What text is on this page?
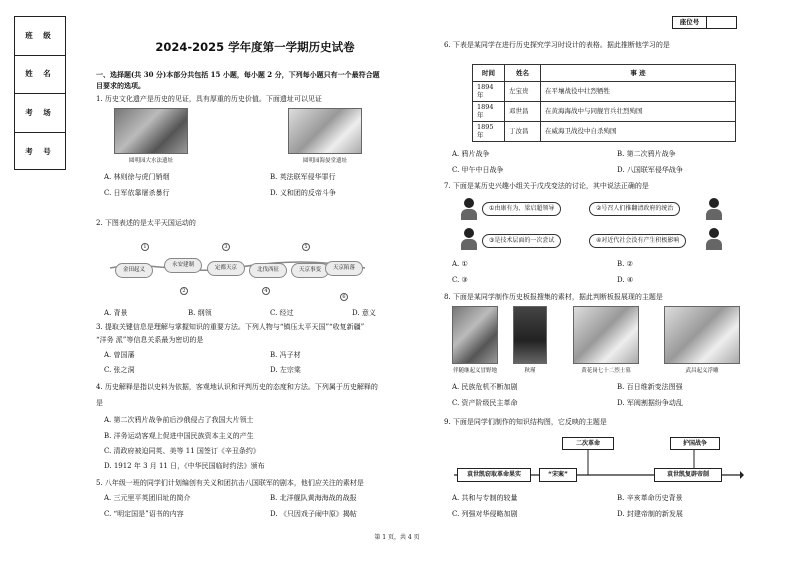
班 级
姓 名
考 场
考 号
座位号
2024-2025 学年度第一学期历史试卷
一、选择题(共 30 分)本部分共包括 15 小题，每小题 2 分，下列每小题只有一个最符合题
目要求的选项。
1. 历史文化遗产是历史的见证，具有厚重的历史价值。下面遗址可以见证
圆明园大水法遗址	圆明园海晏堂遗址
A. 林则徐与虎门销烟	B. 英法联军侵华罪行
C. 日军依靠屠杀暴行	D. 义和团的反帝斗争
2. 下图表述的是太平天国运动的
金田起义
永安建制	定都天京	北伐西征	天京事变	天京陷落
1
2
3
4
5
6
A. 背景	B. 纲领	C. 经过	D. 意义
3. 提取关键信息是理解与掌握知识的重要方法。下列人物与“镇压太平天国”“收复新疆”
“洋务 派”等信息关系最为密切的是
A. 曾国藩	B. 冯子材
C. 张之洞	D. 左宗棠
4. 历史解释是指以史料为依据，客观地认识和评判历史的态度和方法。下列属于历史解释的
是
A. 第二次鸦片战争前后沙俄侵占了我国大片领土
B. 洋务运动客观上促进中国民族资本主义的产生
C. 清政府被迫同英、美等 11 国签订《辛丑条约》
D. 1912 年 3 月 11 日，《中华民国临时约法》颁布
5. 八年级一班的同学们计划编创有关义和团抗击八国联军的剧本，他们应关注的素材是
A. 三元里平英团旧址的简介	B. 北洋舰队黄海海战的战报
C. “明定国是”诏书的内容	D. 《只因戏子闹中原》揭帖
6. 下表是某同学在进行历史探究学习时设计的表格。据此推断他学习的是
时间	姓名	事 迹
1894 年	左宝贵	在平壤战役中壮烈牺牲
1894 年	邓世昌	在黄海海战中与同舰官兵壮烈殉国
1895 年	丁汝昌	在威海卫战役中自杀殉国
A. 鸦片战争	B. 第二次鸦片战争
C. 甲午中日战争	D. 八国联军侵华战争
7. 下面是某历史兴趣小组关于戊戌变法的讨论，其中说法正确的是
①由康有为、梁启超领导	②号召人们推翻清政府的统治
③是技术层面的一次尝试	④对近代社会没有产生积极影响
A. ①	B. ②
C. ③	D. ④
8. 下面是某同学制作历史板报搜集的素材，据此判断板报展现的主题是
伴随继起义冒野地	秋瑾	黄花岗七十二烈士墓	武昌起义浮雕
A. 民族危机不断加剧	B. 百日维新变法图强
C. 资产阶级民主革命	D. 军阀割据纷争动乱
9. 下面是同学们制作的知识结构图，它反映的主题是
二次革命	护国战争
袁世凯窃取革命果实	“宋案”	袁世凯复辟帝制
A. 共和与专制的较量	B. 辛亥革命历史背景
C. 列强对华侵略加剧	D. 封建帝制的新发展
第 1 页，共 4 页
